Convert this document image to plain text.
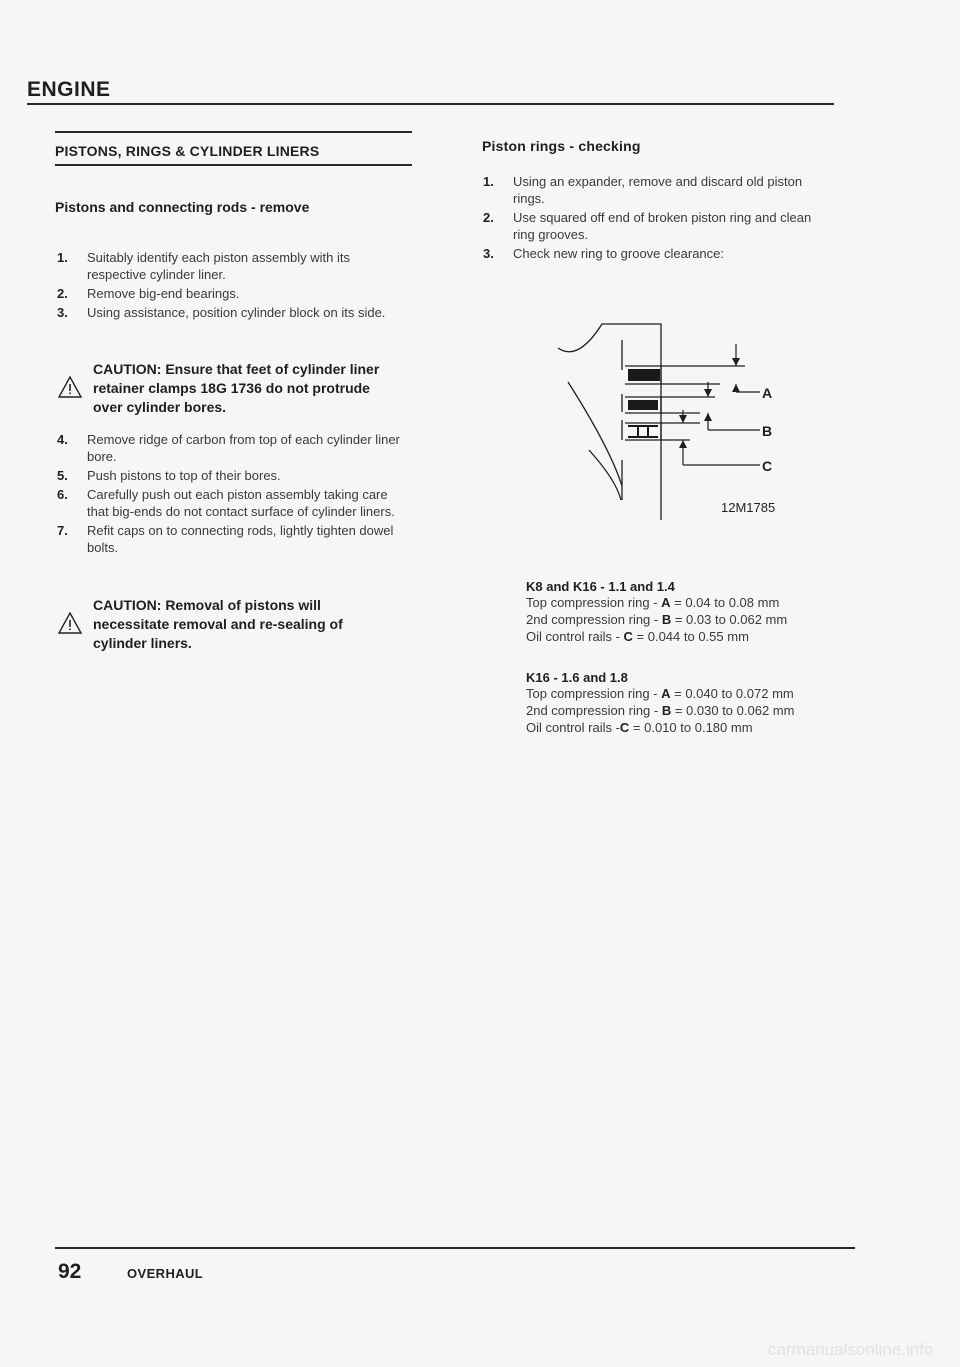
ENGINE
PISTONS, RINGS & CYLINDER LINERS
Pistons and connecting rods - remove
1. Suitably identify each piston assembly with its respective cylinder liner.
2. Remove big-end bearings.
3. Using assistance, position cylinder block on its side.
CAUTION: Ensure that feet of cylinder liner retainer clamps 18G 1736 do not protrude over cylinder bores.
4. Remove ridge of carbon from top of each cylinder liner bore.
5. Push pistons to top of their bores.
6. Carefully push out each piston assembly taking care that big-ends do not contact surface of cylinder liners.
7. Refit caps on to connecting rods, lightly tighten dowel bolts.
CAUTION: Removal of pistons will necessitate removal and re-sealing of cylinder liners.
Piston rings - checking
1. Using an expander, remove and discard old piston rings.
2. Use squared off end of broken piston ring and clean ring grooves.
3. Check new ring to groove clearance:
A
B
C
12M1785
K8 and K16 - 1.1 and 1.4
Top compression ring - A = 0.04 to 0.08 mm
2nd compression ring - B = 0.03 to 0.062 mm
Oil control rails - C = 0.044 to 0.55 mm
K16 - 1.6 and 1.8
Top compression ring - A = 0.040 to 0.072 mm
2nd compression ring - B = 0.030 to 0.062 mm
Oil control rails -C = 0.010 to 0.180 mm
92	OVERHAUL
carmanualsonline.info
